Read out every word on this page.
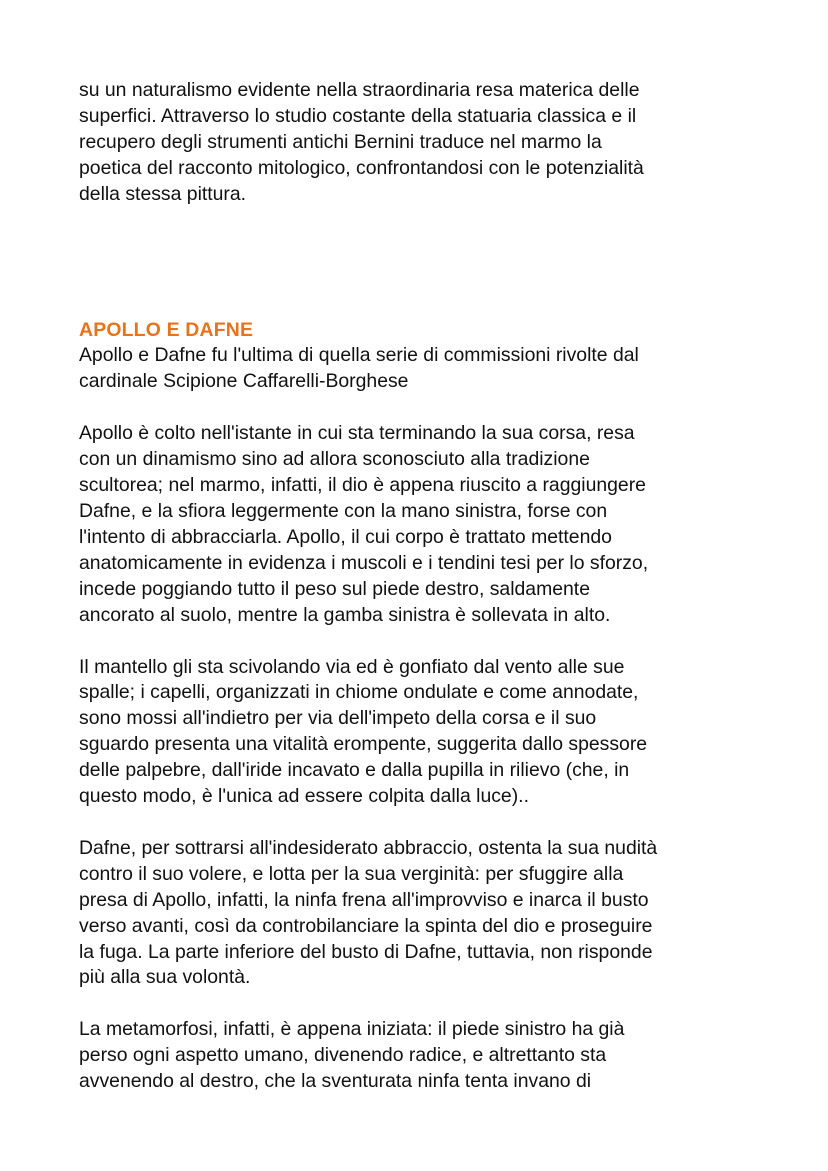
su un naturalismo evidente nella straordinaria resa materica delle
superfici. Attraverso lo studio costante della statuaria classica e il
recupero degli strumenti antichi Bernini traduce nel marmo la
poetica del racconto mitologico, confrontandosi con le potenzialità
della stessa pittura.

APOLLO E DAFNE

Apollo e Dafne fu l'ultima di quella serie di commissioni rivolte dal
cardinale Scipione Caffarelli-Borghese

Apollo è colto nell'istante in cui sta terminando la sua corsa, resa
con un dinamismo sino ad allora sconosciuto alla tradizione
scultorea; nel marmo, infatti, il dio è appena riuscito a raggiungere
Dafne, e la sfiora leggermente con la mano sinistra, forse con
l'intento di abbracciarla. Apollo, il cui corpo è trattato mettendo
anatomicamente in evidenza i muscoli e i tendini tesi per lo sforzo,
incede poggiando tutto il peso sul piede destro, saldamente
ancorato al suolo, mentre la gamba sinistra è sollevata in alto.

Il mantello gli sta scivolando via ed è gonfiato dal vento alle sue
spalle; i capelli, organizzati in chiome ondulate e come annodate,
sono mossi all'indietro per via dell'impeto della corsa e il suo
sguardo presenta una vitalità erompente, suggerita dallo spessore
delle palpebre, dall'iride incavato e dalla pupilla in rilievo (che, in
questo modo, è l'unica ad essere colpita dalla luce)..

Dafne, per sottrarsi all'indesiderato abbraccio, ostenta la sua nudità
contro il suo volere, e lotta per la sua verginità: per sfuggire alla
presa di Apollo, infatti, la ninfa frena all'improvviso e inarca il busto
verso avanti, così da controbilanciare la spinta del dio e proseguire
la fuga. La parte inferiore del busto di Dafne, tuttavia, non risponde
più alla sua volontà.

La metamorfosi, infatti, è appena iniziata: il piede sinistro ha già
perso ogni aspetto umano, divenendo radice, e altrettanto sta
avvenendo al destro, che la sventurata ninfa tenta invano di
